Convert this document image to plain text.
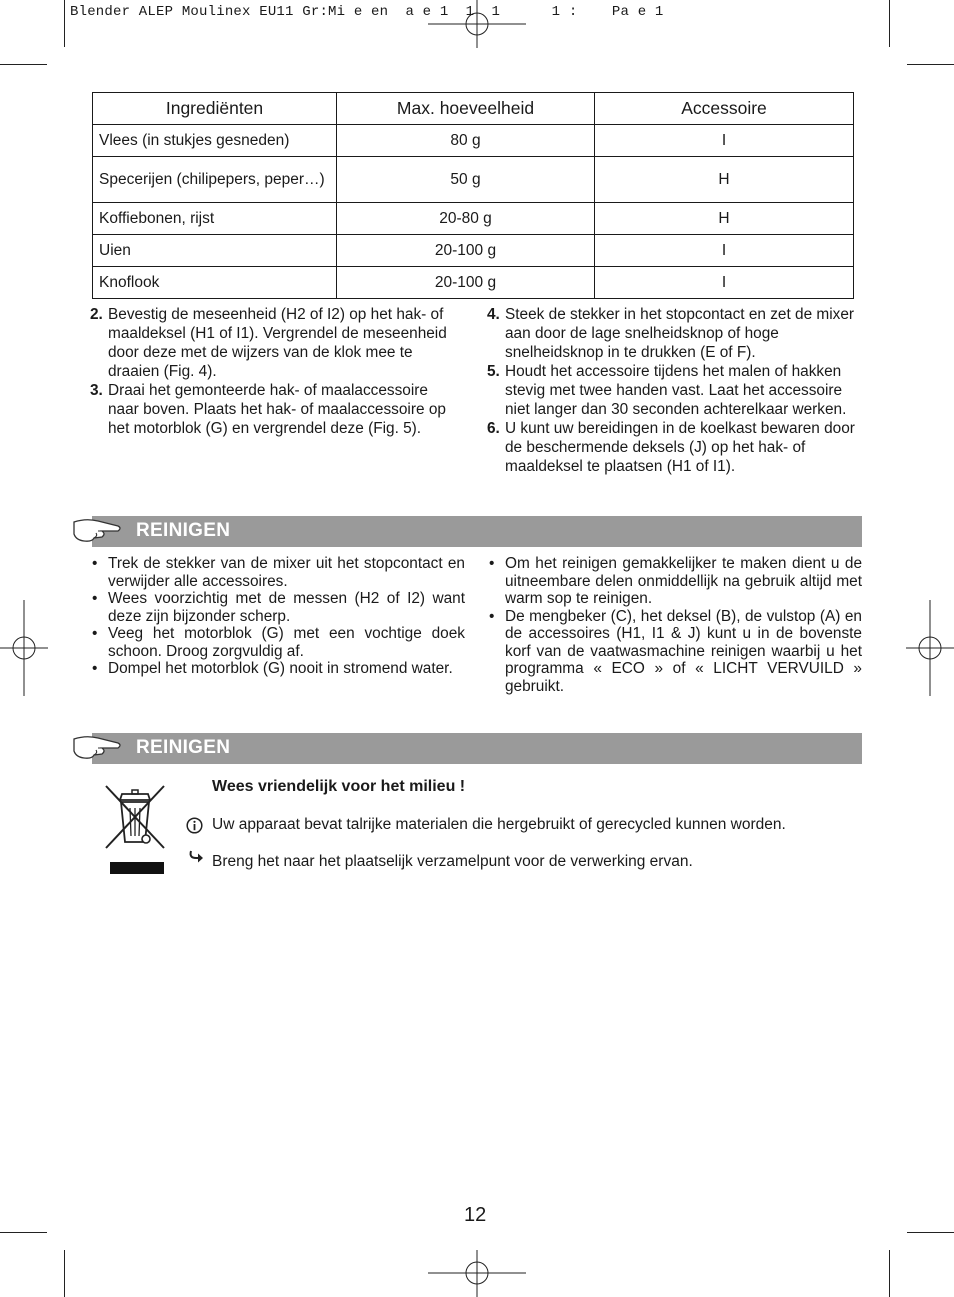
Blender ALEP Moulinex EU11 Gr:Mi e en  a e 1  1  1      1 :    Pa e 1
Ingrediënten	Max. hoeveelheid	Accessoire
Vlees (in stukjes gesneden)	80 g	I
Specerijen (chilipepers, peper…)	50 g	H
Koffiebonen, rijst	20-80 g	H
Uien	20-100 g	I
Knoflook	20-100 g	I

2. Bevestig de meseenheid (H2 of I2) op het hak- of maaldeksel (H1 of I1). Vergrendel de meseenheid door deze met de wijzers van de klok mee te draaien (Fig. 4).

3. Draai het gemonteerde hak- of maalaccessoire naar boven. Plaats het hak- of maalaccessoire op het motorblok (G) en vergrendel deze (Fig. 5).

4. Steek de stekker in het stopcontact en zet de mixer aan door de lage snelheidsknop of hoge snelheidsknop in te drukken (E of F).

5. Houdt het accessoire tijdens het malen of hakken stevig met twee handen vast. Laat het accessoire niet langer dan 30 seconden achterelkaar werken.

6. U kunt uw bereidingen in de koelkast bewaren door de beschermende deksels (J) op het hak- of maaldeksel te plaatsen (H1 of I1).

REINIGEN

• Trek de stekker van de mixer uit het stopcontact en verwijder alle accessoires.

• Wees voorzichtig met de messen (H2 of I2) want deze zijn bijzonder scherp.

• Veeg het motorblok (G) met een vochtige doek schoon. Droog zorgvuldig af.

• Dompel het motorblok (G) nooit in stromend water.

• Om het reinigen gemakkelijker te maken dient u de uitneembare delen onmiddellijk na gebruik altijd met warm sop te reinigen.

• De mengbeker (C), het deksel (B), de vulstop (A) en de accessoires (H1, I1 & J) kunt u in de bovenste korf van de vaatwasmachine reinigen waarbij u het programma « ECO » of « LICHT VERVUILD » gebruikt.

REINIGEN
Wees vriendelijk voor het milieu !
Uw apparaat bevat talrijke materialen die hergebruikt of gerecycled kunnen worden.
Breng het naar het plaatselijk verzamelpunt voor de verwerking ervan.
12
